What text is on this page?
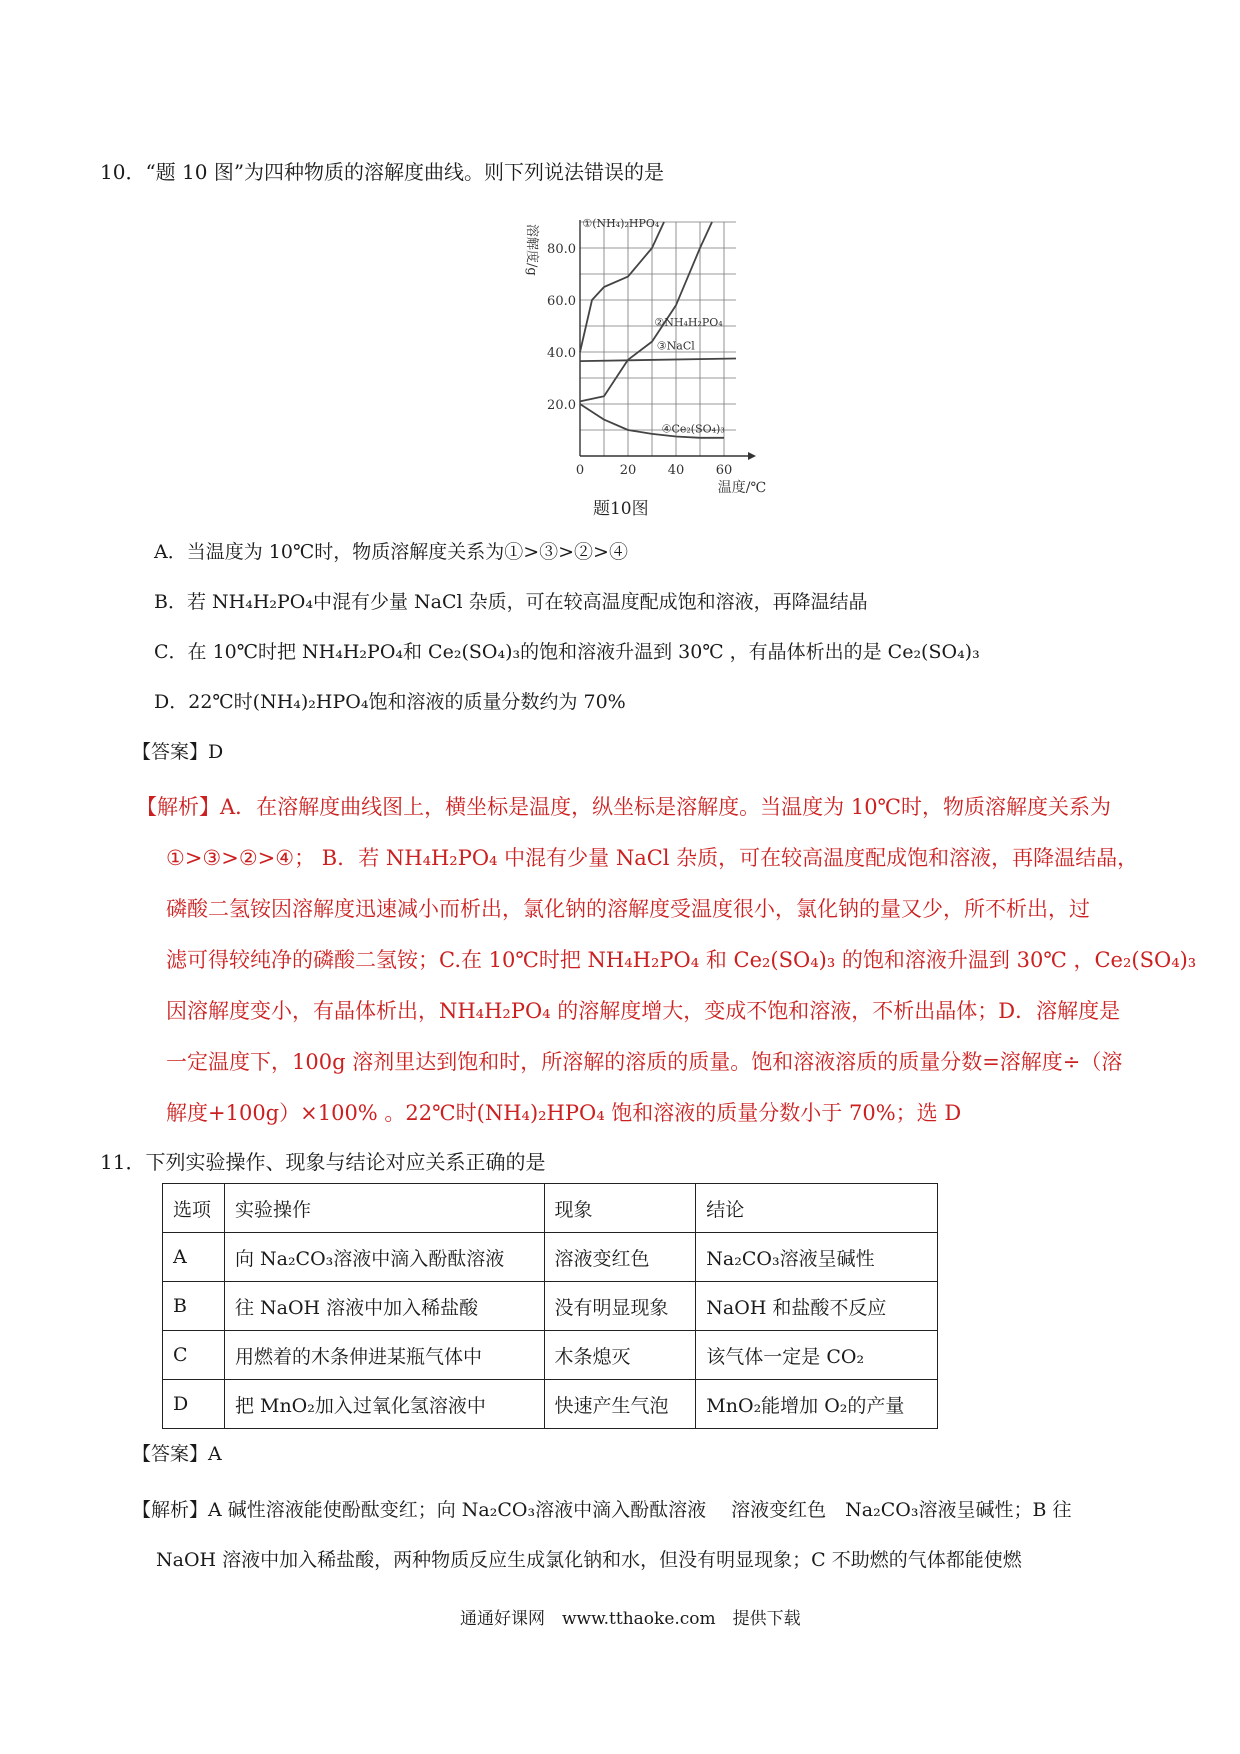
10．“题 10 图”为四种物质的溶解度曲线。则下列说法错误的是
20.0
40.0
60.0
80.0
0	20 40 60
溶解度/g
温度/℃
题10图
①(NH₄)₂HPO₄
②NH₄H₂PO₄
③NaCl
④Ce₂(SO₄)₃
A．当温度为 10℃时，物质溶解度关系为①>③>②>④
B．若 NH₄H₂PO₄中混有少量 NaCl 杂质，可在较高温度配成饱和溶液，再降温结晶
C．在 10℃时把 NH₄H₂PO₄和 Ce₂(SO₄)₃的饱和溶液升温到 30℃ ，有晶体析出的是 Ce₂(SO₄)₃
D．22℃时(NH₄)₂HPO₄饱和溶液的质量分数约为 70%
【答案】D
【解析】A．在溶解度曲线图上，横坐标是温度，纵坐标是溶解度。当温度为 10℃时，物质溶解度关系为
①>③>②>④； B．若 NH₄H₂PO₄ 中混有少量 NaCl 杂质，可在较高温度配成饱和溶液，再降温结晶，
磷酸二氢铵因溶解度迅速减小而析出，氯化钠的溶解度受温度很小，氯化钠的量又少，所不析出，过
滤可得较纯净的磷酸二氢铵；C.在 10℃时把 NH₄H₂PO₄ 和 Ce₂(SO₄)₃ 的饱和溶液升温到 30℃ ，Ce₂(SO₄)₃
因溶解度变小，有晶体析出，NH₄H₂PO₄ 的溶解度增大，变成不饱和溶液，不析出晶体；D．溶解度是
一定温度下，100g 溶剂里达到饱和时，所溶解的溶质的质量。饱和溶液溶质的质量分数=溶解度÷（溶
解度+100g）×100% 。22℃时(NH₄)₂HPO₄ 饱和溶液的质量分数小于 70%；选 D
11．下列实验操作、现象与结论对应关系正确的是
选项	实验操作	现象	结论
A	向 Na₂CO₃溶液中滴入酚酞溶液	溶液变红色	Na₂CO₃溶液呈碱性
B	往 NaOH 溶液中加入稀盐酸	没有明显现象	NaOH 和盐酸不反应
C	用燃着的木条伸进某瓶气体中	木条熄灭	该气体一定是 CO₂
D	把 MnO₂加入过氧化氢溶液中	快速产生气泡	MnO₂能增加 O₂的产量
【答案】A
【解析】A 碱性溶液能使酚酞变红；向 Na₂CO₃溶液中滴入酚酞溶液　 溶液变红色　Na₂CO₃溶液呈碱性；B 往
NaOH 溶液中加入稀盐酸，两种物质反应生成氯化钠和水，但没有明显现象；C 不助燃的气体都能使燃
通通好课网　www.tthaoke.com　提供下载
